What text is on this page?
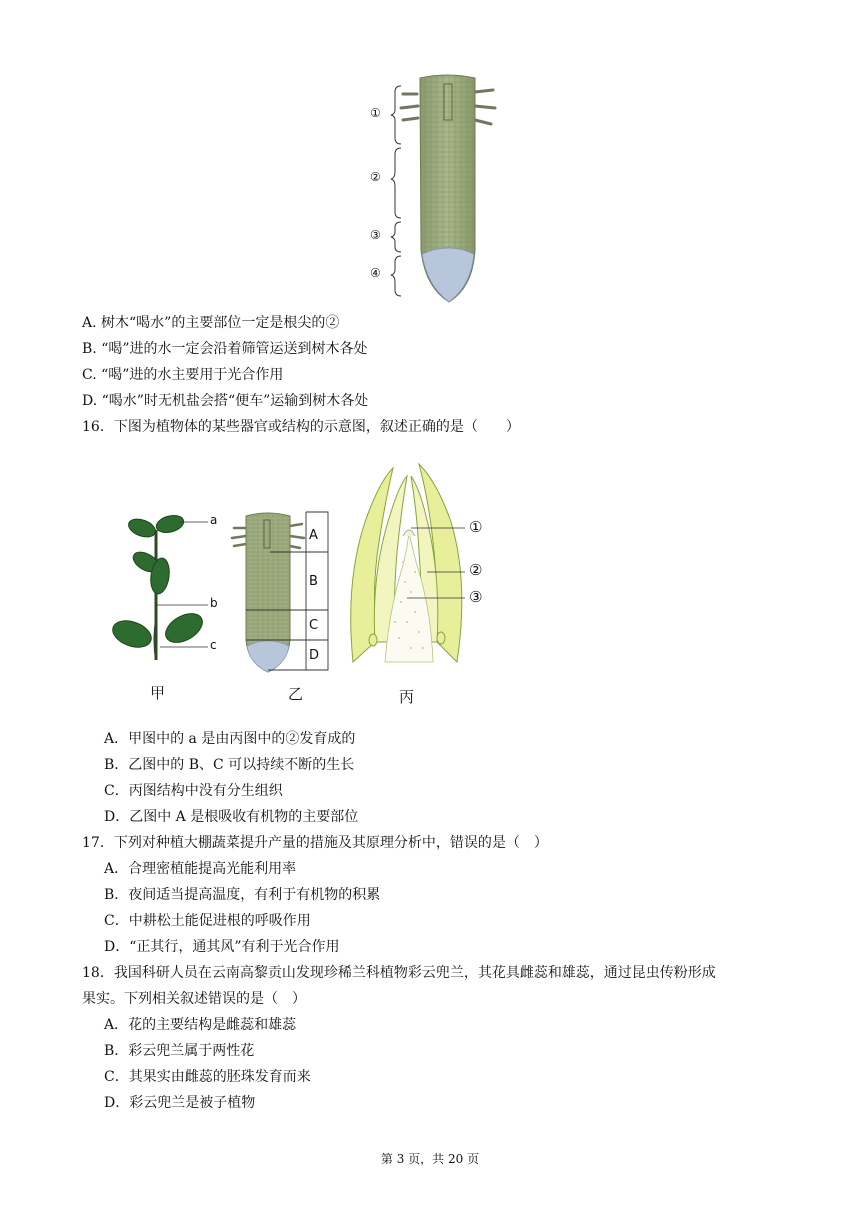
①
②
③
④
A. 树木“喝水”的主要部位一定是根尖的②
B. “喝”进的水一定会沿着筛管运送到树木各处
C. “喝”进的水主要用于光合作用
D. “喝水”时无机盐会搭“便车”运输到树木各处
16．下图为植物体的某些器官或结构的示意图，叙述正确的是（　　）
a
b
c
甲
A
B
C
D
乙
①
②
③
丙
A．甲图中的 a 是由丙图中的②发育成的
B．乙图中的 B、C 可以持续不断的生长
C．丙图结构中没有分生组织
D．乙图中 A 是根吸收有机物的主要部位
17．下列对种植大棚蔬菜提升产量的措施及其原理分析中，错误的是（　）
A．合理密植能提高光能利用率
B．夜间适当提高温度，有利于有机物的积累
C．中耕松土能促进根的呼吸作用
D．“正其行，通其风”有利于光合作用
18．我国科研人员在云南高黎贡山发现珍稀兰科植物彩云兜兰，其花具雌蕊和雄蕊，通过昆虫传粉形成
果实。下列相关叙述错误的是（　）
A．花的主要结构是雌蕊和雄蕊
B．彩云兜兰属于两性花
C．其果实由雌蕊的胚珠发育而来
D．彩云兜兰是被子植物
第 3 页，共 20 页
